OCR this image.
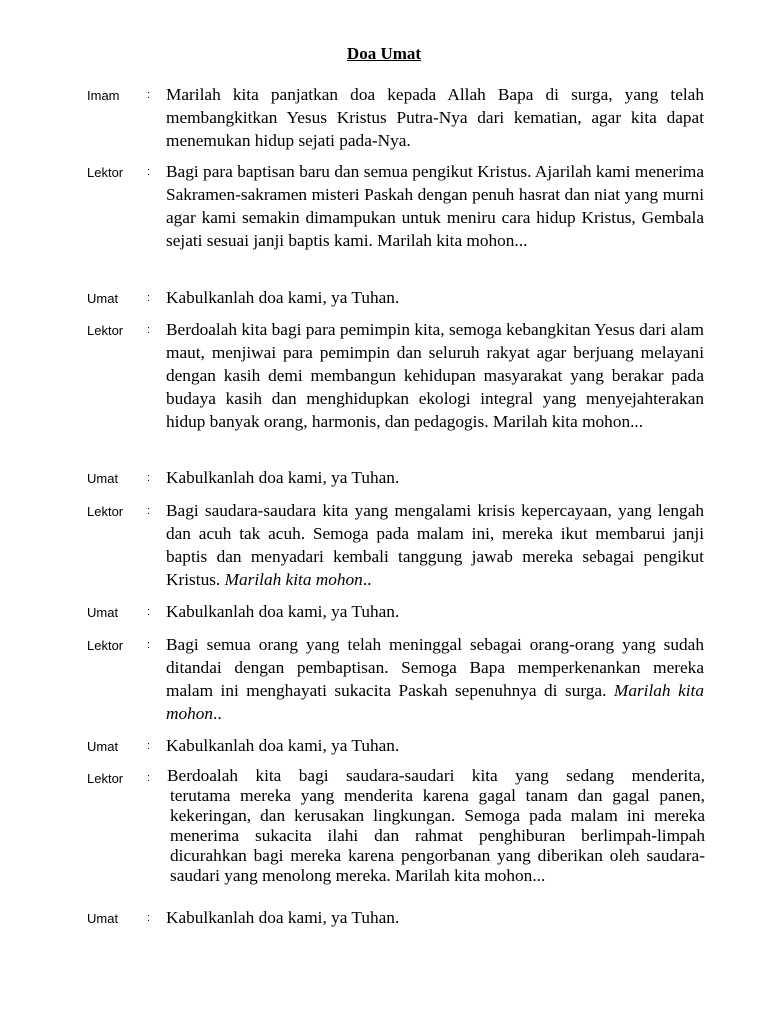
Doa Umat
Imam	: Marilah kita panjatkan doa kepada Allah Bapa di surga, yang telah membangkitkan Yesus Kristus Putra-Nya dari kematian, agar kita dapat menemukan hidup sejati pada-Nya.

Lektor : Bagi para baptisan baru dan semua pengikut Kristus. Ajarilah kami menerima Sakramen-sakramen misteri Paskah dengan penuh hasrat dan niat yang murni agar kami semakin dimampukan untuk meniru cara hidup Kristus, Gembala sejati sesuai janji baptis kami. Marilah kita mohon...

Umat	: Kabulkanlah doa kami, ya Tuhan.

Lektor : Berdoalah kita bagi para pemimpin kita, semoga kebangkitan Yesus dari alam maut, menjiwai para pemimpin dan seluruh rakyat agar berjuang melayani dengan kasih demi membangun kehidupan masyarakat yang berakar pada budaya kasih dan menghidupkan ekologi integral yang menyejahterakan hidup banyak orang, harmonis, dan pedagogis. Marilah kita mohon...

Umat	: Kabulkanlah doa kami, ya Tuhan.

Lektor : Bagi saudara-saudara kita yang mengalami krisis kepercayaan, yang lengah dan acuh tak acuh. Semoga pada malam ini, mereka ikut membarui janji baptis dan menyadari kembali tanggung jawab mereka sebagai pengikut Kristus. Marilah kita mohon..

Umat	: Kabulkanlah doa kami, ya Tuhan.

Lektor : Bagi semua orang yang telah meninggal sebagai orang-orang yang sudah ditandai dengan pembaptisan. Semoga Bapa memperkenankan mereka malam ini menghayati sukacita Paskah sepenuhnya di surga. Marilah kita mohon..

Umat	: Kabulkanlah doa kami, ya Tuhan.

Lektor : Berdoalah kita bagi saudara-saudari kita yang sedang menderita,
terutama mereka yang menderita karena gagal tanam dan gagal panen, kekeringan, dan kerusakan lingkungan. Semoga pada malam ini mereka menerima sukacita ilahi dan rahmat penghiburan berlimpah-limpah dicurahkan bagi mereka karena pengorbanan yang diberikan oleh saudara-saudari yang menolong mereka. Marilah kita mohon...

Umat	: Kabulkanlah doa kami, ya Tuhan.
